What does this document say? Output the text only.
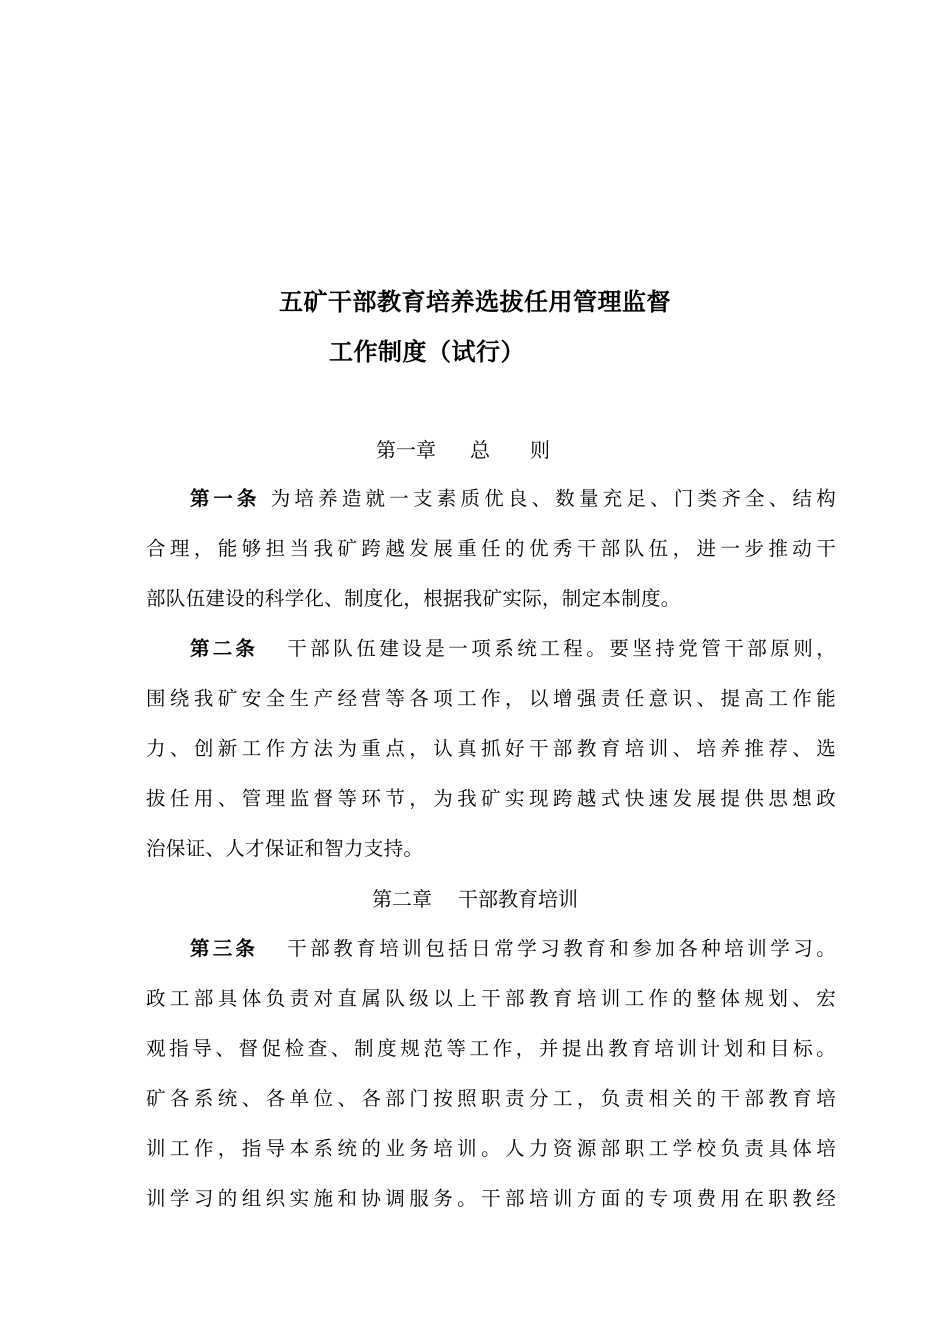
五矿干部教育培养选拔任用管理监督
工作制度（试行）
第一章 总 则
第一条 为培养造就一支素质优良、数量充足、门类齐全、结构
合理，能够担当我矿跨越发展重任的优秀干部队伍，进一步推动干
部队伍建设的科学化、制度化，根据我矿实际，制定本制度。
第二条 干部队伍建设是一项系统工程。要坚持党管干部原则，
围绕我矿安全生产经营等各项工作，以增强责任意识、提高工作能
力、创新工作方法为重点，认真抓好干部教育培训、培养推荐、选
拔任用、管理监督等环节，为我矿实现跨越式快速发展提供思想政
治保证、人才保证和智力支持。
第二章 干部教育培训
第三条 干部教育培训包括日常学习教育和参加各种培训学习。
政工部具体负责对直属队级以上干部教育培训工作的整体规划、宏
观指导、督促检查、制度规范等工作，并提出教育培训计划和目标。
矿各系统、各单位、各部门按照职责分工，负责相关的干部教育培
训工作，指导本系统的业务培训。人力资源部职工学校负责具体培
训学习的组织实施和协调服务。干部培训方面的专项费用在职教经
